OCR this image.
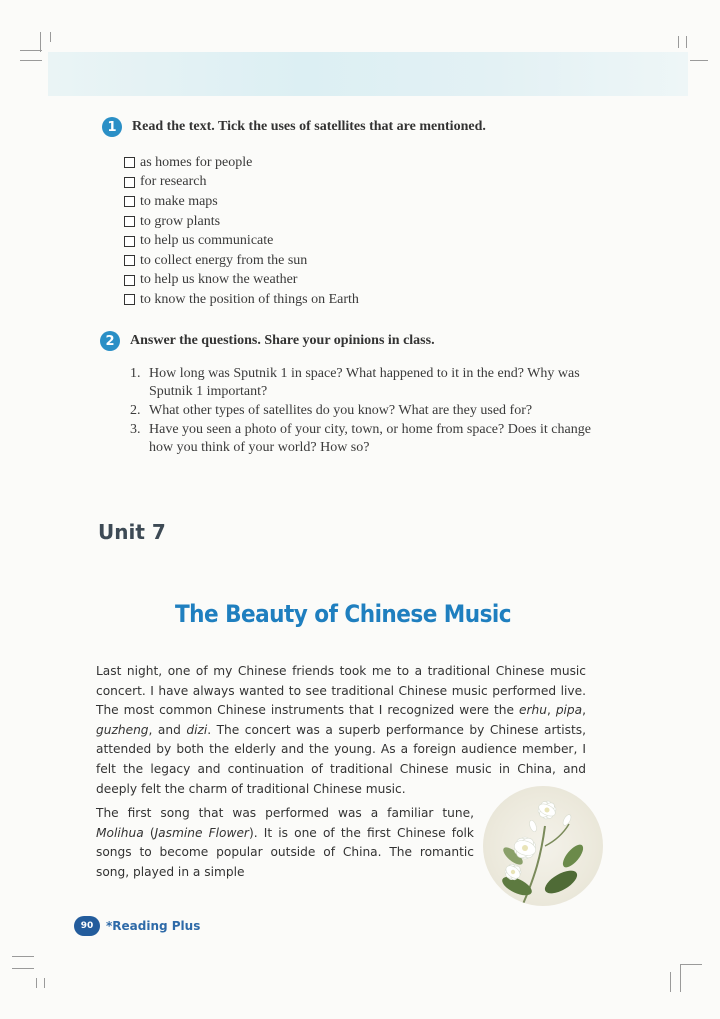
1	Read the text. Tick the uses of satellites that are mentioned.
as homes for people
for research
to make maps
to grow plants
to help us communicate
to collect energy from the sun
to help us know the weather
to know the position of things on Earth
2	Answer the questions. Share your opinions in class.
1. How long was Sputnik 1 in space? What happened to it in the end? Why was Sputnik 1 important?
2. What other types of satellites do you know? What are they used for?
3. Have you seen a photo of your city, town, or home from space? Does it change how you think of your world? How so?
Unit 7
The Beauty of Chinese Music

Last night, one of my Chinese friends took me to a traditional Chinese music concert. I have always wanted to see traditional Chinese music performed live. The most common Chinese instruments that I recognized were the erhu, pipa, guzheng, and dizi. The concert was a superb performance by Chinese artists, attended by both the elderly and the young. As a foreign audience member, I felt the legacy and continuation of traditional Chinese music in China, and deeply felt the charm of traditional Chinese music.

The first song that was performed was a familiar tune, Molihua (Jasmine Flower). It is one of the first Chinese folk songs to become popular outside of China. The romantic song, played in a simple

90	*Reading Plus
